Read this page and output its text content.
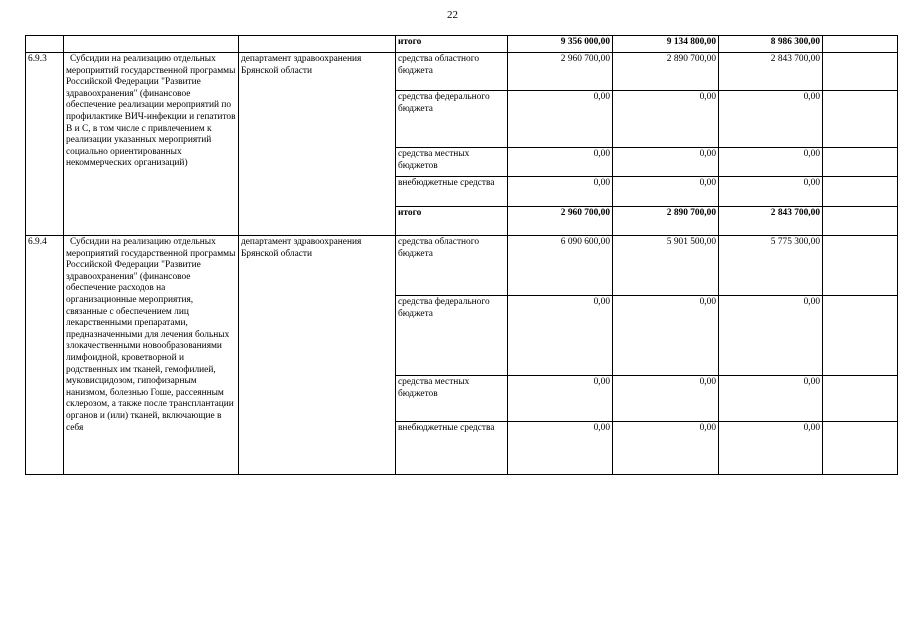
22
			итого	9 356 000,00	9 134 800,00	8 986 300,00	
6.9.3	Субсидии на реализацию отдельных мероприятий государственной программы Российской Федерации "Развитие здравоохранения" (финансовое обеспечение реализации мероприятий по профилактике ВИЧ-инфекции и гепатитов B и C, в том числе с привлечением к реализации указанных мероприятий социально ориентированных некоммерческих организаций)	департамент здравоохранения Брянской области	средства областного бюджета	2 960 700,00	2 890 700,00	2 843 700,00	
			средства федерального бюджета	0,00	0,00	0,00	
			средства местных бюджетов	0,00	0,00	0,00	
			внебюджетные средства	0,00	0,00	0,00	
			итого	2 960 700,00	2 890 700,00	2 843 700,00	
6.9.4	Субсидии на реализацию отдельных мероприятий государственной программы Российской Федерации "Развитие здравоохранения" (финансовое обеспечение расходов на организационные мероприятия, связанные с обеспечением лиц лекарственными препаратами, предназначенными для лечения больных злокачественными новообразованиями лимфоидной, кроветворной и родственных им тканей, гемофилией, муковисцидозом, гипофизарным нанизмом, болезнью Гоше, рассеянным склерозом, а также после трансплантации органов и (или) тканей, включающие в себя	департамент здравоохранения Брянской области	средства областного бюджета	6 090 600,00	5 901 500,00	5 775 300,00	
			средства федерального бюджета	0,00	0,00	0,00	
			средства местных бюджетов	0,00	0,00	0,00	
			внебюджетные средства	0,00	0,00	0,00	
